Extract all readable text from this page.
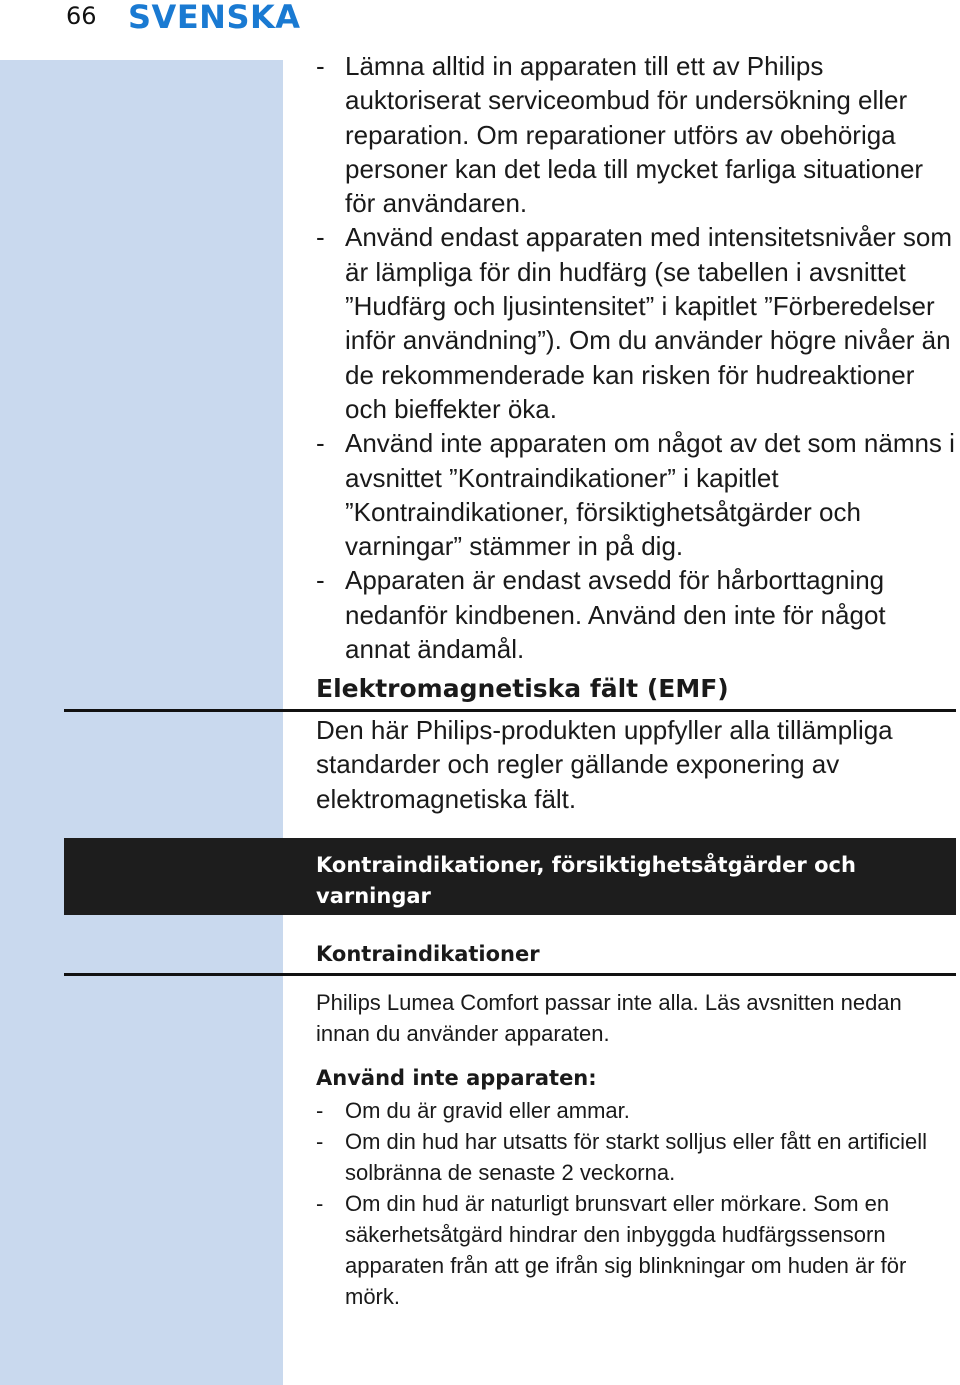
66 SVENSKA
- Lämna alltid in apparaten till ett av Philips auktoriserat serviceombud för undersökning eller reparation. Om reparationer utförs av obehöriga personer kan det leda till mycket farliga situationer för användaren.
- Använd endast apparaten med intensitetsnivåer som är lämpliga för din hudfärg (se tabellen i avsnittet ”Hudfärg och ljusintensitet” i kapitlet ”Förberedelser inför användning”). Om du använder högre nivåer än de rekommenderade kan risken för hudreaktioner och bieffekter öka.
- Använd inte apparaten om något av det som nämns i avsnittet ”Kontraindikationer” i kapitlet ”Kontraindikationer, försiktighetsåtgärder och varningar” stämmer in på dig.
- Apparaten är endast avsedd för hårborttagning nedanför kindbenen. Använd den inte för något annat ändamål.
Elektromagnetiska fält (EMF)

Den här Philips-produkten uppfyller alla tillämpliga standarder och regler gällande exponering av elektromagnetiska fält.

Kontraindikationer, försiktighetsåtgärder och varningar
Kontraindikationer

Philips Lumea Comfort passar inte alla. Läs avsnitten nedan innan du använder apparaten.

Använd inte apparaten:
- Om du är gravid eller ammar.
- Om din hud har utsatts för starkt solljus eller fått en artificiell solbränna de senaste 2 veckorna.
- Om din hud är naturligt brunsvart eller mörkare. Som en säkerhetsåtgärd hindrar den inbyggda hudfärgssensorn apparaten från att ge ifrån sig blinkningar om huden är för mörk.
